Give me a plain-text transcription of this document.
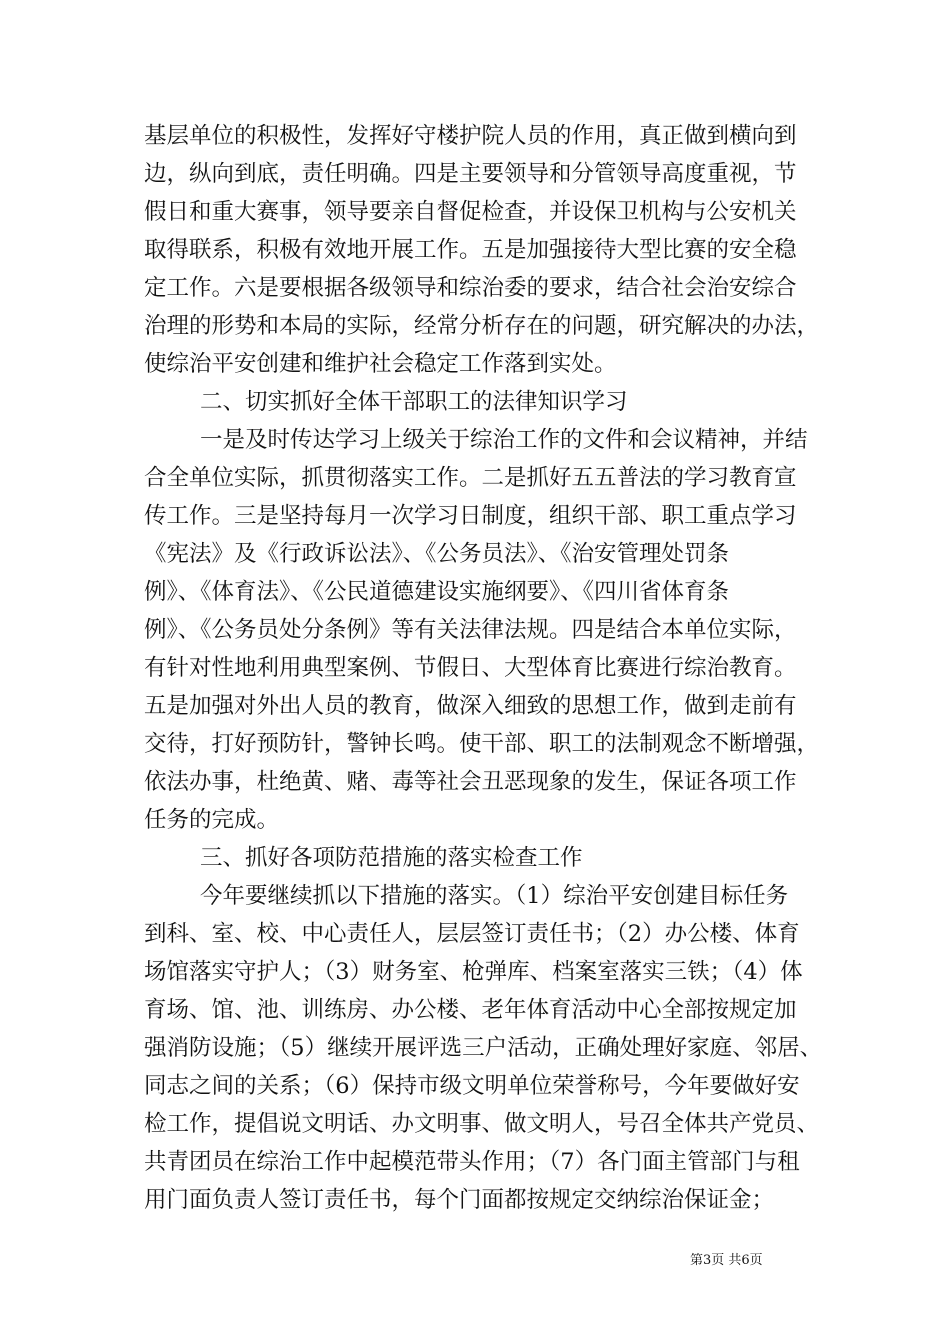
基层单位的积极性，发挥好守楼护院人员的作用，真正做到横向到
边，纵向到底，责任明确。四是主要领导和分管领导高度重视，节
假日和重大赛事，领导要亲自督促检查，并设保卫机构与公安机关
取得联系，积极有效地开展工作。五是加强接待大型比赛的安全稳
定工作。六是要根据各级领导和综治委的要求，结合社会治安综合
治理的形势和本局的实际，经常分析存在的问题，研究解决的办法，
使综治平安创建和维护社会稳定工作落到实处。
二、切实抓好全体干部职工的法律知识学习
一是及时传达学习上级关于综治工作的文件和会议精神，并结
合全单位实际，抓贯彻落实工作。二是抓好五五普法的学习教育宣
传工作。三是坚持每月一次学习日制度，组织干部、职工重点学习
《宪法》及《行政诉讼法》、《公务员法》、《治安管理处罚条
例》、《体育法》、《公民道德建设实施纲要》、《四川省体育条
例》、《公务员处分条例》等有关法律法规。四是结合本单位实际，
有针对性地利用典型案例、节假日、大型体育比赛进行综治教育。
五是加强对外出人员的教育，做深入细致的思想工作，做到走前有
交待，打好预防针，警钟长鸣。使干部、职工的法制观念不断增强，
依法办事，杜绝黄、赌、毒等社会丑恶现象的发生，保证各项工作
任务的完成。
三、抓好各项防范措施的落实检查工作
今年要继续抓以下措施的落实。（1）综治平安创建目标任务
到科、室、校、中心责任人，层层签订责任书；（2）办公楼、体育
场馆落实守护人；（3）财务室、枪弹库、档案室落实三铁；（4）体
育场、馆、池、训练房、办公楼、老年体育活动中心全部按规定加
强消防设施；（5）继续开展评选三户活动，正确处理好家庭、邻居、
同志之间的关系；（6）保持市级文明单位荣誉称号，今年要做好安
检工作，提倡说文明话、办文明事、做文明人，号召全体共产党员、
共青团员在综治工作中起模范带头作用；（7）各门面主管部门与租
用门面负责人签订责任书，每个门面都按规定交纳综治保证金；
第3页 共6页
